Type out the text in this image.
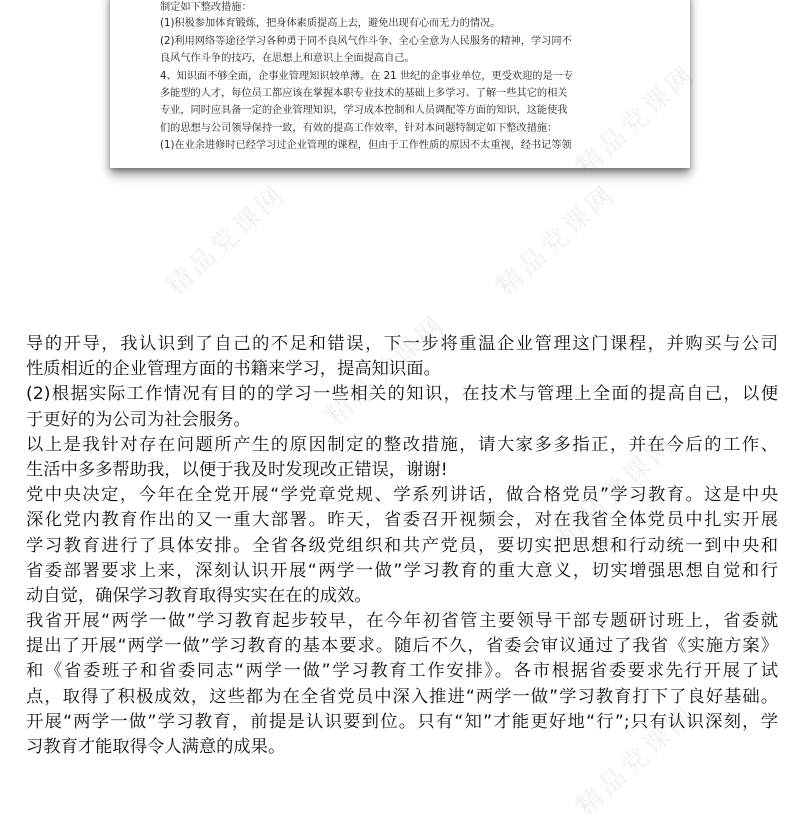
制定如下整改措施：
(1)积极参加体育锻炼，把身体素质提高上去，避免出现有心而无力的情况。
(2)利用网络等途径学习各种勇于同不良风气作斗争、全心全意为人民服务的精神，学习同不
良风气作斗争的技巧，在思想上和意识上全面提高自己。
4、知识面不够全面，企事业管理知识较单薄。在 21 世纪的企事业单位，更受欢迎的是一专
多能型的人才，每位员工都应该在掌握本职专业技术的基础上多学习、了解一些其它的相关
专业，同时应具备一定的企业管理知识，学习成本控制和人员调配等方面的知识，这能使我
们的思想与公司领导保持一致，有效的提高工作效率，针对本问题特制定如下整改措施：
(1)在业余进修时已经学习过企业管理的课程，但由于工作性质的原因不太重视，经书记等领
精品党课网	精品党课网
精品党课网
精品党课网
精品党课网
精品党课网
导的开导，我认识到了自己的不足和错误，下一步将重温企业管理这门课程，并购买与公司
性质相近的企业管理方面的书籍来学习，提高知识面。
(2)根据实际工作情况有目的的学习一些相关的知识，在技术与管理上全面的提高自己，以便
于更好的为公司为社会服务。
以上是我针对存在问题所产生的原因制定的整改措施，请大家多多指正，并在今后的工作、
生活中多多帮助我，以便于我及时发现改正错误，谢谢!
党中央决定，今年在全党开展“学党章党规、学系列讲话，做合格党员”学习教育。这是中央
深化党内教育作出的又一重大部署。昨天，省委召开视频会，对在我省全体党员中扎实开展
学习教育进行了具体安排。全省各级党组织和共产党员，要切实把思想和行动统一到中央和
省委部署要求上来，深刻认识开展“两学一做”学习教育的重大意义，切实增强思想自觉和行
动自觉，确保学习教育取得实实在在的成效。
我省开展“两学一做”学习教育起步较早，在今年初省管主要领导干部专题研讨班上，省委就
提出了开展“两学一做”学习教育的基本要求。随后不久，省委会审议通过了我省《实施方案》
和《省委班子和省委同志“两学一做”学习教育工作安排》。各市根据省委要求先行开展了试
点，取得了积极成效，这些都为在全省党员中深入推进“两学一做”学习教育打下了良好基础。
开展“两学一做”学习教育，前提是认识要到位。只有“知”才能更好地“行”;只有认识深刻，学
习教育才能取得令人满意的成果。
